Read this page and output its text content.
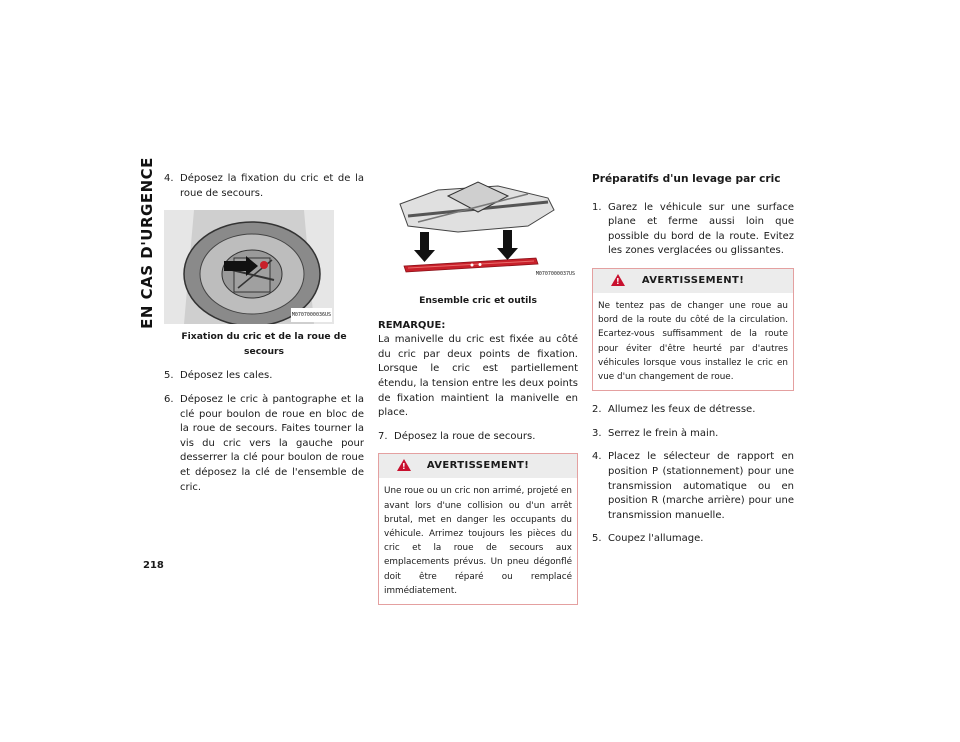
EN CAS D'URGENCE
218
4. Déposez la fixation du cric et de la roue de secours.
M0707000036US
Fixation du cric et de la roue de secours
5. Déposez les cales.
6. Déposez le cric à pantographe et la clé pour boulon de roue en bloc de la roue de secours. Faites tourner la vis du cric vers la gauche pour desserrer la clé pour boulon de roue et déposez la clé de l'ensemble de cric.
M0707000037US
Ensemble cric et outils
REMARQUE:
La manivelle du cric est fixée au côté du cric par deux points de fixation. Lorsque le cric est partiellement étendu, la tension entre les deux points de fixation maintient la manivelle en place.
7. Déposez la roue de secours.
!
AVERTISSEMENT!
Une roue ou un cric non arrimé, projeté en avant lors d'une collision ou d'un arrêt brutal, met en danger les occupants du véhicule. Arrimez toujours les pièces du cric et la roue de secours aux emplacements prévus. Un pneu dégonflé doit être réparé ou remplacé immédiatement.
Préparatifs d'un levage par cric
1. Garez le véhicule sur une surface plane et ferme aussi loin que possible du bord de la route. Evitez les zones verglacées ou glissantes.
!
AVERTISSEMENT!
Ne tentez pas de changer une roue au bord de la route du côté de la circulation. Ecartez-vous suffisamment de la route pour éviter d'être heurté par d'autres véhicules lorsque vous installez le cric en vue d'un changement de roue.
2. Allumez les feux de détresse.
3. Serrez le frein à main.
4. Placez le sélecteur de rapport en position P (stationnement) pour une transmission automatique ou en position R (marche arrière) pour une transmission manuelle.
5. Coupez l'allumage.
